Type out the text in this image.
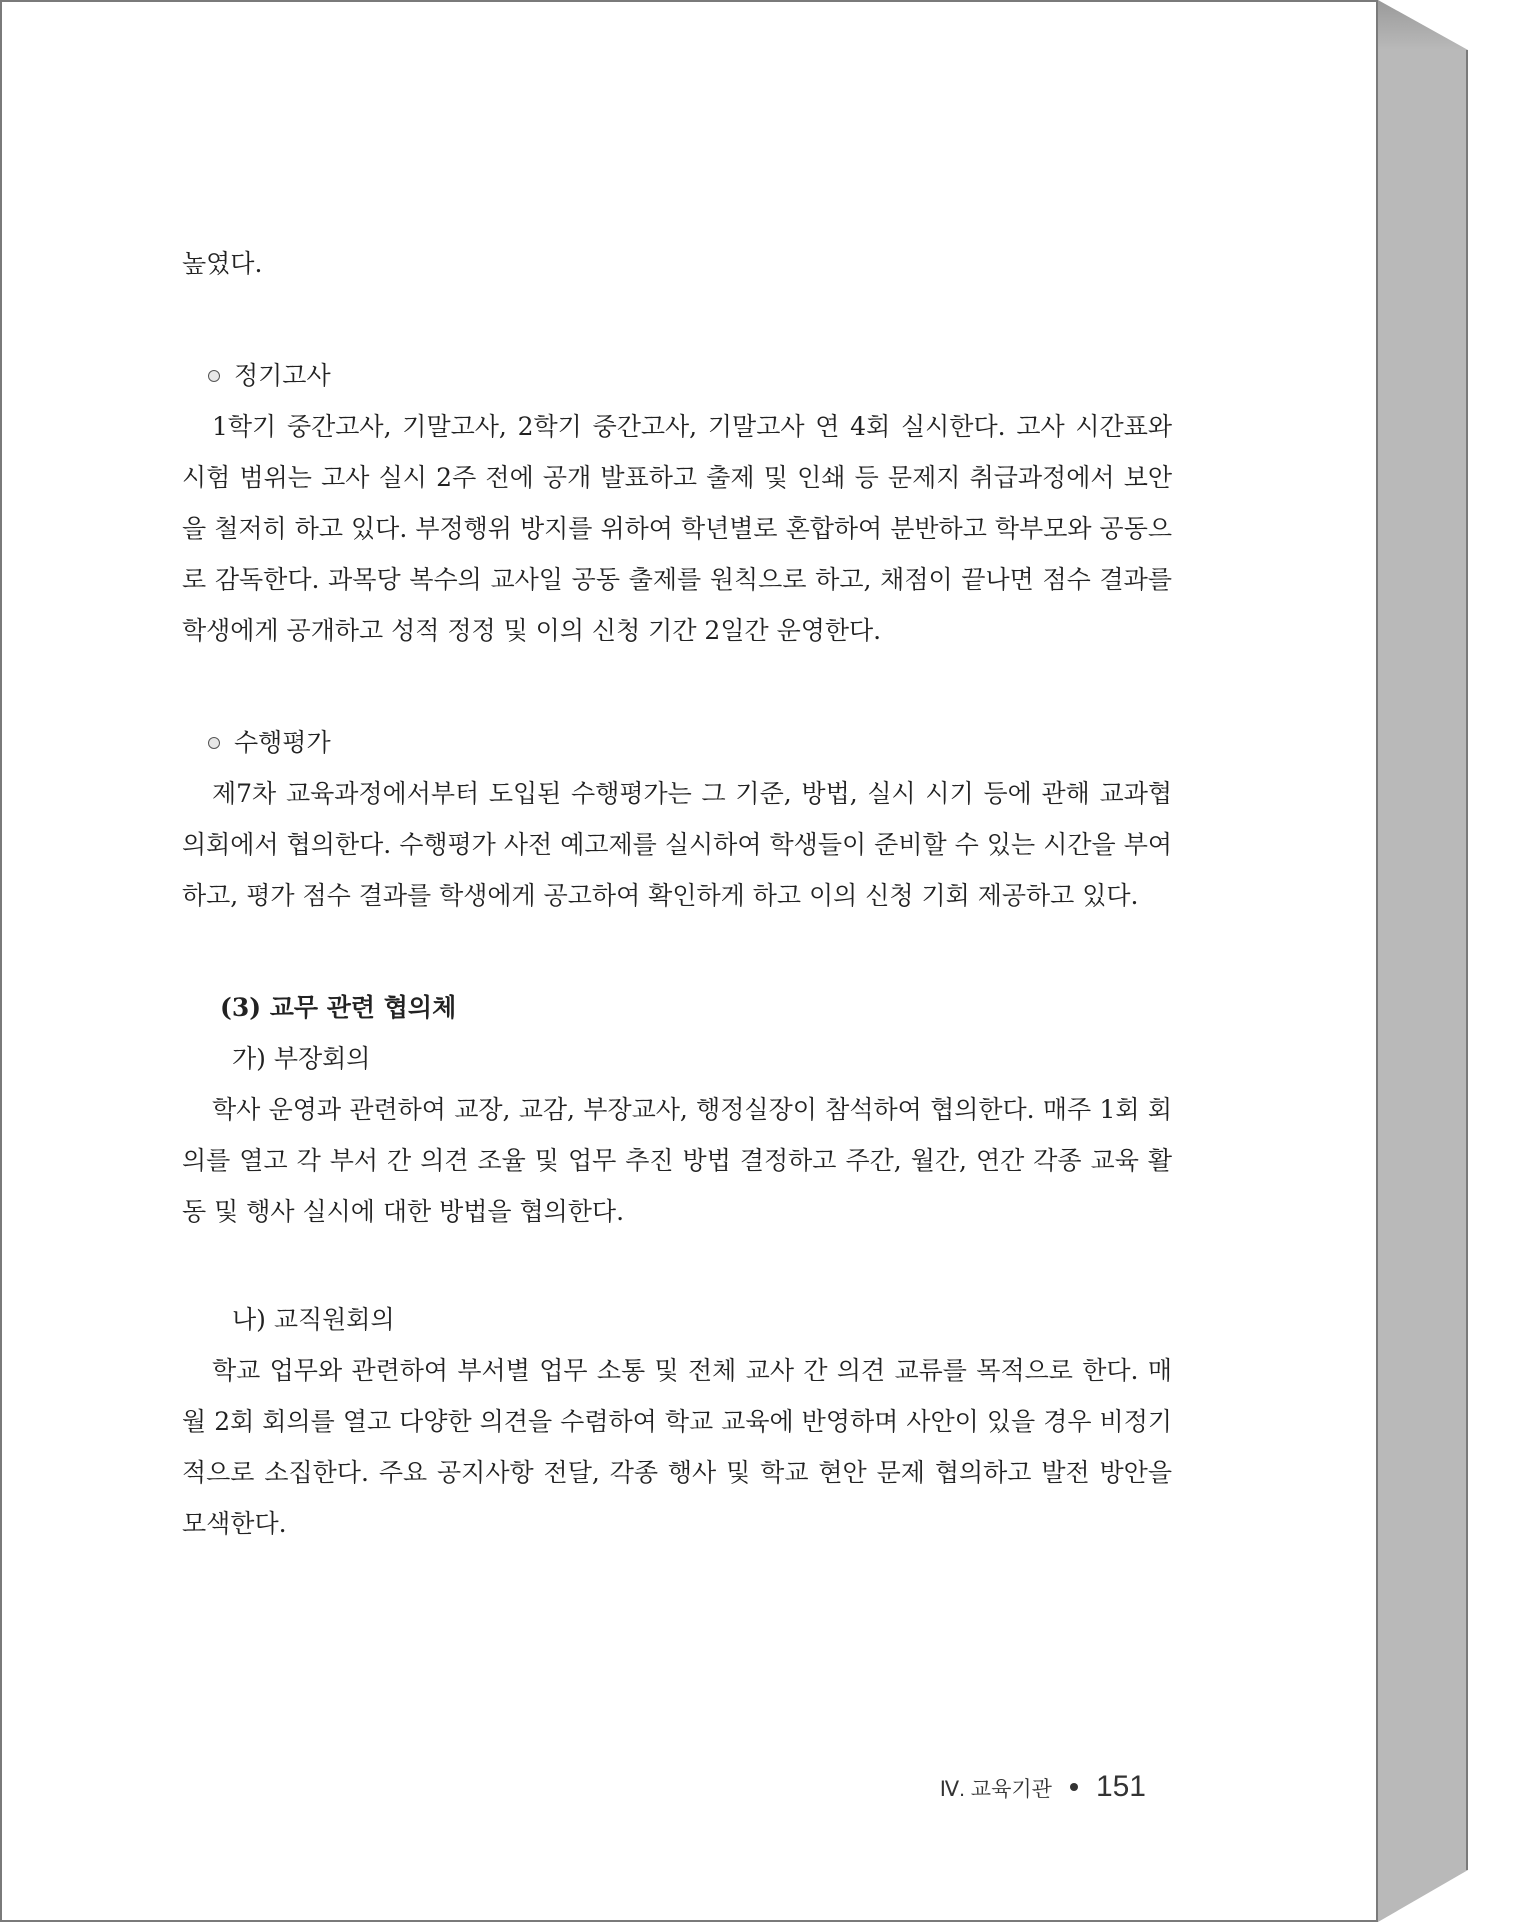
높였다.

정기고사

1학기 중간고사, 기말고사, 2학기 중간고사, 기말고사 연 4회 실시한다. 고사 시간표와 시험 범위는 고사 실시 2주 전에 공개 발표하고 출제 및 인쇄 등 문제지 취급과정에서 보안을 철저히 하고 있다. 부정행위 방지를 위하여 학년별로 혼합하여 분반하고 학부모와 공동으로 감독한다. 과목당 복수의 교사일 공동 출제를 원칙으로 하고, 채점이 끝나면 점수 결과를 학생에게 공개하고 성적 정정 및 이의 신청 기간 2일간 운영한다.

수행평가

제7차 교육과정에서부터 도입된 수행평가는 그 기준, 방법, 실시 시기 등에 관해 교과협의회에서 협의한다. 수행평가 사전 예고제를 실시하여 학생들이 준비할 수 있는 시간을 부여하고, 평가 점수 결과를 학생에게 공고하여 확인하게 하고 이의 신청 기회 제공하고 있다.

(3) 교무 관련 협의체

가) 부장회의

학사 운영과 관련하여 교장, 교감, 부장교사, 행정실장이 참석하여 협의한다. 매주 1회 회의를 열고 각 부서 간 의견 조율 및 업무 추진 방법 결정하고 주간, 월간, 연간 각종 교육 활동 및 행사 실시에 대한 방법을 협의한다.

나) 교직원회의

학교 업무와 관련하여 부서별 업무 소통 및 전체 교사 간 의견 교류를 목적으로 한다. 매월 2회 회의를 열고 다양한 의견을 수렴하여 학교 교육에 반영하며 사안이 있을 경우 비정기적으로 소집한다. 주요 공지사항 전달, 각종 행사 및 학교 현안 문제 협의하고 발전 방안을 모색한다.

Ⅳ. 교육기관 151
